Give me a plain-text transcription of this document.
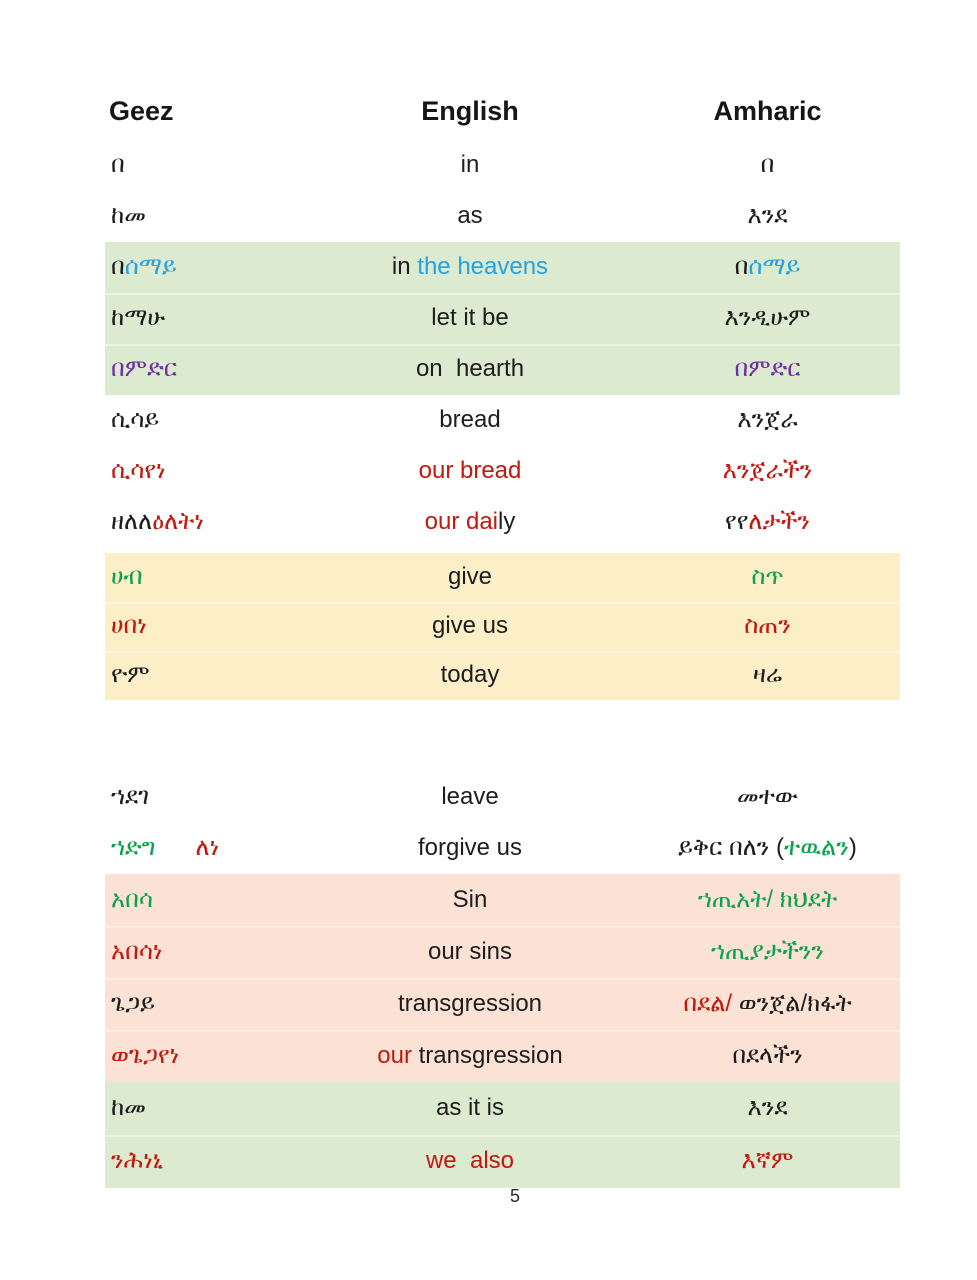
Geez	English	Amharic
በ	in	በ
ከመ	as	እንደ
በሰማይ	in the heavens	በሰማይ
ከማሁ	let it be	እንዲሁም
በምድር	on  hearth	በምድር
ሲሳይ	bread	እንጀራ
ሲሳየነ	our bread	እንጀራችን
ዘለለዕለትነ	our daily	የየለታችን
ሀብ	give	ስጥ
ሀበነ	give us	ስጠን
ዮም	today	ዛሬ
ኀደገ	leave	መተው
ኀድግ ለነ	forgive us	ይቅር በለን (ተዉልን)
አበሳ	Sin	ኀጢአት/ ክህደት
አበሳነ	our sins	ኀጢያታችንን
ጌጋይ	transgression	በደል/ ወንጀል/ክፋት
ወጌጋየነ	our transgression	በደላችን
ከመ	as it is	እንደ
ንሕነኒ	we  also	እኛም
5
